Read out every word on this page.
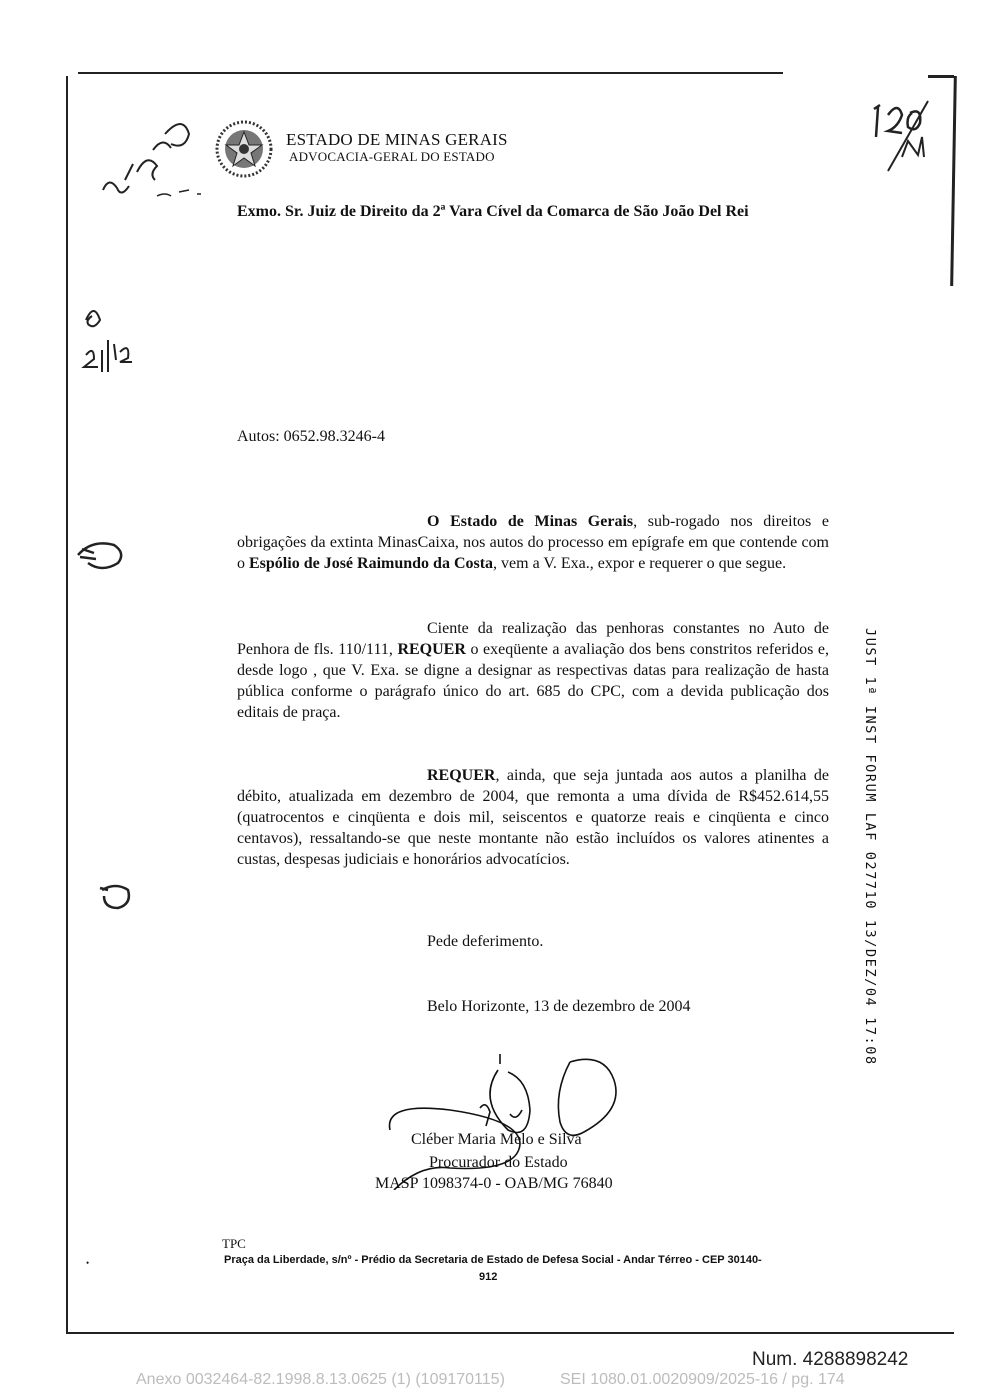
•
ESTADO DE MINAS GERAIS
ADVOCACIA-GERAL DO ESTADO
Exmo. Sr. Juiz de Direito da 2ª Vara Cível da Comarca de São João Del Rei
Autos: 0652.98.3246-4
O Estado de Minas Gerais, sub-rogado nos direitos e obrigações da extinta MinasCaixa, nos autos do processo em epígrafe em que contende com o Espólio de José Raimundo da Costa, vem a V. Exa., expor e requerer o que segue.
Ciente da realização das penhoras constantes no Auto de Penhora de fls. 110/111, REQUER o exeqüente a avaliação dos bens constritos referidos e, desde logo , que V. Exa. se digne a designar as respectivas datas para realização de hasta pública conforme o parágrafo único do art. 685 do CPC, com a devida publicação dos editais de praça.
REQUER, ainda, que seja juntada aos autos a planilha de débito, atualizada em dezembro de 2004, que remonta a uma dívida de R$452.614,55 (quatrocentos e cinqüenta e dois mil, seiscentos e quatorze reais e cinqüenta e cinco centavos), ressaltando-se que neste montante não estão incluídos os valores atinentes a custas, despesas judiciais e honorários advocatícios.
Pede deferimento.
Belo Horizonte, 13 de dezembro de 2004
Cléber Maria Melo e Silva
Procurador do Estado
MASP 1098374-0 - OAB/MG 76840
TPC
Praça da Liberdade, s/nº - Prédio da Secretaria de Estado de Defesa Social - Andar Térreo - CEP 30140-
912
JUST 1ª INST FORUM LAF 027710 13/DEZ/04 17:08
Num. 4288898242
Anexo 0032464-82.1998.8.13.0625 (1) (109170115)	SEI 1080.01.0020909/2025-16 / pg. 174
